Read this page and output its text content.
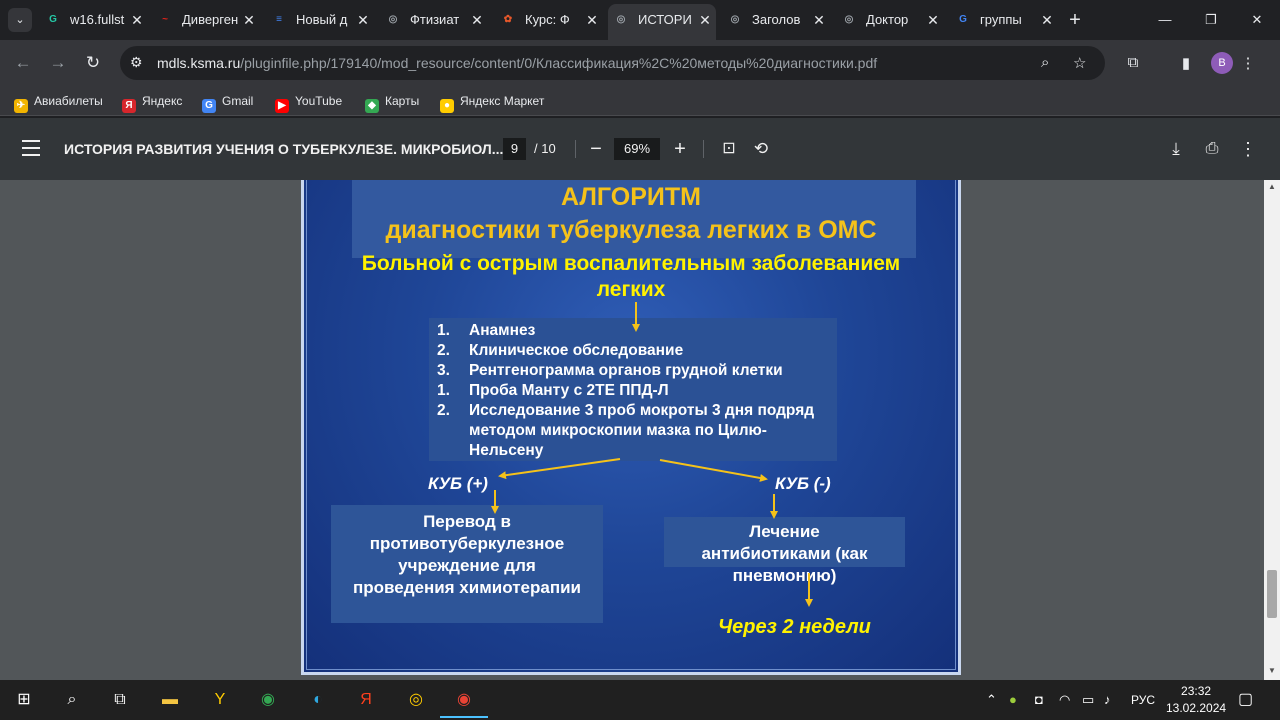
⌄	G w16.fullst ✕	~	Диверген ✕	≡	Новый д ✕ ◎ Фтизиат ✕ ✿ Курс: Ф ✕ ◎ ИСТОРИ ✕ ◎ Заголов ✕ ◎ Доктор ✕	G группы ✕ +	—	❐	✕
← → ↻ ⚙ mdls.ksma.ru/pluginfile.php/179140/mod_resource/content/0/Классификация%2C%20методы%20диагностики.pdf	⌕ ☆	⧉	▮	В ⋮
✈ Авиабилеты	Я Яндекс	G Gmail	▶ YouTube	◆ Карты	● Яндекс Маркет
ИСТОРИЯ РАЗВИТИЯ УЧЕНИЯ О ТУБЕРКУЛЕЗЕ. МИКРОБИОЛ... 9	/ 10	−	69%	+	⊡	⟲	⤓	⎙	⋮
▲
▼
АЛГОРИТМ
диагностики туберкулеза легких в ОМС
Больной с острым воспалительным заболеванием
легких
1. Анамнез
2. Клиническое обследование
3. Рентгенограмма органов грудной клетки
1. Проба Манту с 2ТЕ ППД-Л
2. Исследование 3 проб мокроты 3 дня подряд методом микроскопии мазка по Цилю-Нельсену
КУБ (+)	КУБ (-)
Перевод в противотуберкулезное учреждение для проведения химиотерапии
Лечение антибиотиками (как пневмонию)
Через 2 недели
⊞	⌕	⧉	▬	Y	◉	◐	Я	◎	◉	⌃ ● ◘ ◠ ▭ ♪ РУС
23:32
13.02.2024 ▢
